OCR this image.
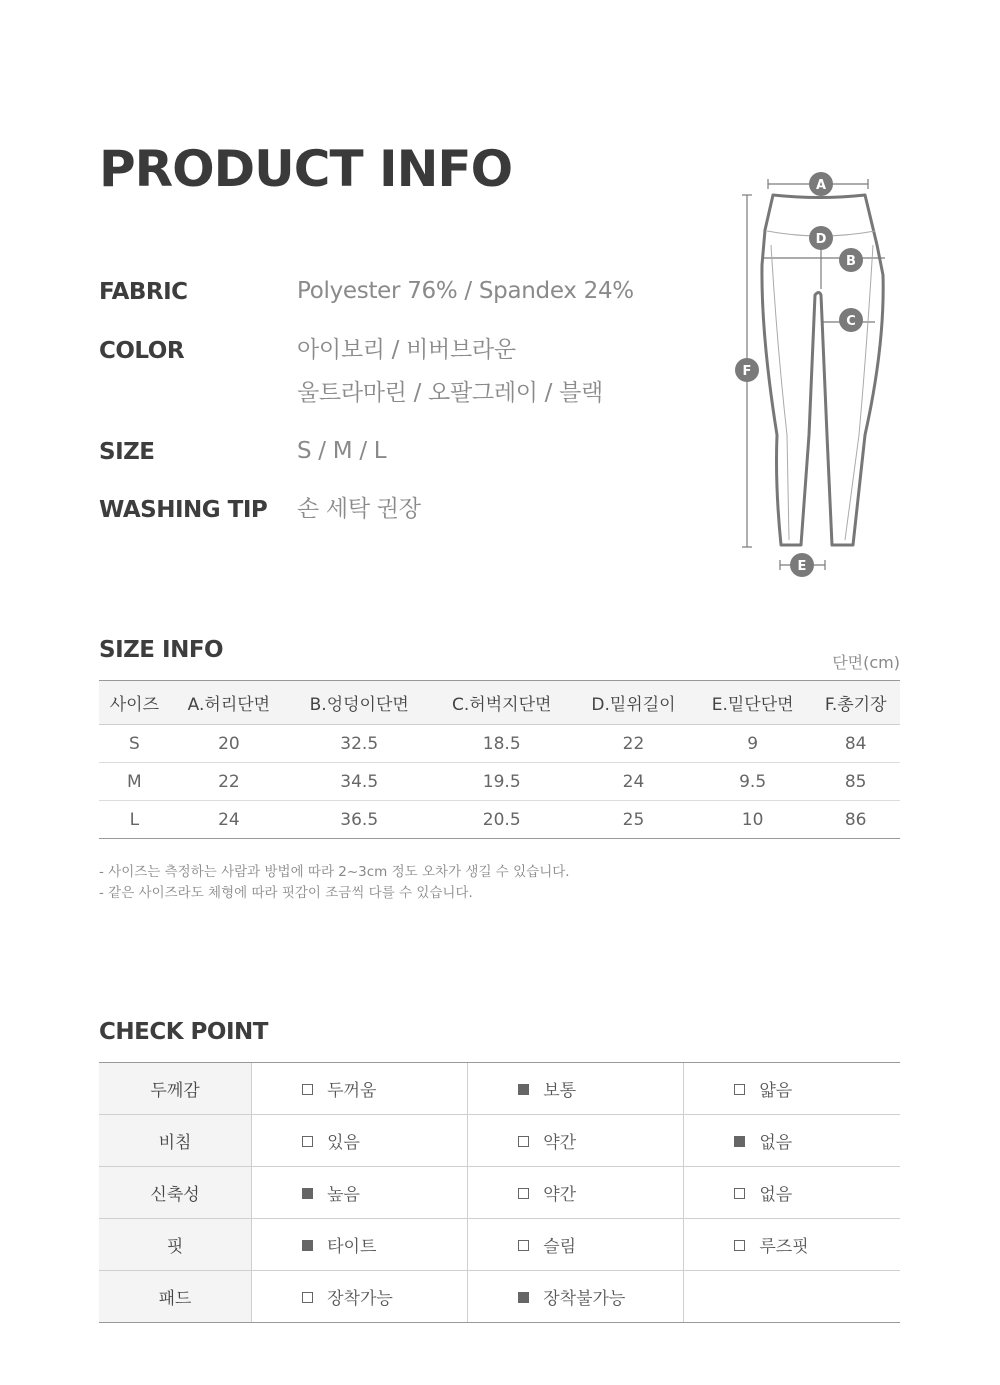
PRODUCT INFO
FABRIC	Polyester 76% / Spandex 24%
COLOR	아이보리 / 비버브라운
울트라마린 / 오팔그레이 / 블랙
SIZE	S / M / L
WASHING TIP	손 세탁 권장
A
B
C
D
E
F
SIZE INFO	단면(cm)
사이즈	A.허리단면	B.엉덩이단면	C.허벅지단면	D.밑위길이	E.밑단단면	F.총기장
S	20	32.5	18.5	22	9	84
M	22	34.5	19.5	24	9.5	85
L	24	36.5	20.5	25	10	86
- 사이즈는 측정하는 사람과 방법에 따라 2~3cm 정도 오차가 생길 수 있습니다.
- 같은 사이즈라도 체형에 따라 핏감이 조금씩 다를 수 있습니다.
CHECK POINT
두께감	두꺼움	보통	얇음
비침	있음	약간	없음
신축성	높음	약간	없음
핏	타이트	슬림	루즈핏
패드	장착가능	장착불가능	
